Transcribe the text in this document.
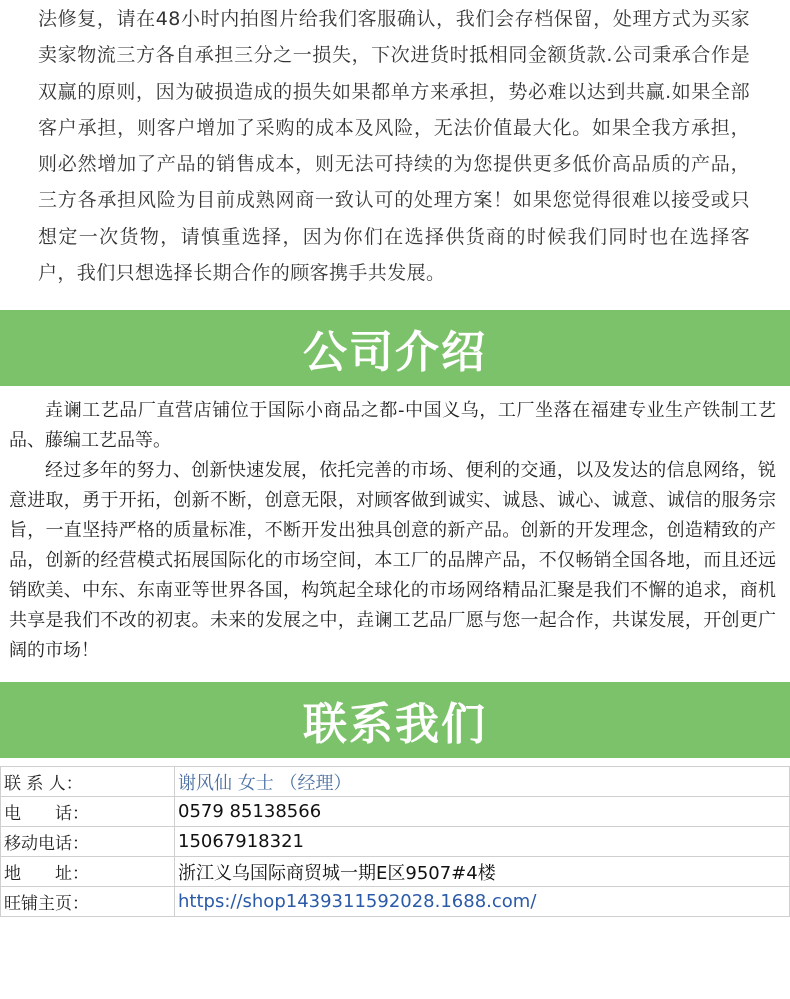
法修复，请在48小时内拍图片给我们客服确认，我们会存档保留，处理方式为买家卖家物流三方各自承担三分之一损失，下次进货时抵相同金额货款.公司秉承合作是双赢的原则，因为破损造成的损失如果都单方来承担，势必难以达到共赢.如果全部客户承担，则客户增加了采购的成本及风险，无法价值最大化。如果全我方承担，则必然增加了产品的销售成本，则无法可持续的为您提供更多低价高品质的产品，三方各承担风险为目前成熟网商一致认可的处理方案！如果您觉得很难以接受或只想定一次货物，请慎重选择，因为你们在选择供货商的时候我们同时也在选择客户，我们只想选择长期合作的顾客携手共发展。

公司介绍

垚谰工艺品厂直营店铺位于国际小商品之都-中国义乌，工厂坐落在福建专业生产铁制工艺品、藤编工艺品等。

经过多年的努力、创新快速发展，依托完善的市场、便利的交通，以及发达的信息网络，锐意进取，勇于开拓，创新不断，创意无限，对顾客做到诚实、诚恳、诚心、诚意、诚信的服务宗旨，一直坚持严格的质量标准，不断开发出独具创意的新产品。创新的开发理念，创造精致的产品，创新的经营模式拓展国际化的市场空间，本工厂的品牌产品，不仅畅销全国各地，而且还远销欧美、中东、东南亚等世界各国，构筑起全球化的市场网络精品汇聚是我们不懈的追求，商机共享是我们不改的初衷。未来的发展之中，垚谰工艺品厂愿与您一起合作，共谋发展，开创更广阔的市场！

联系我们
联 系 人：	谢风仙 女士 （经理）
电　　话：	0579 85138566
移动电话：	15067918321
地　　址：	浙江义乌国际商贸城一期E区9507#4楼
旺铺主页：	https://shop1439311592028.1688.com/
